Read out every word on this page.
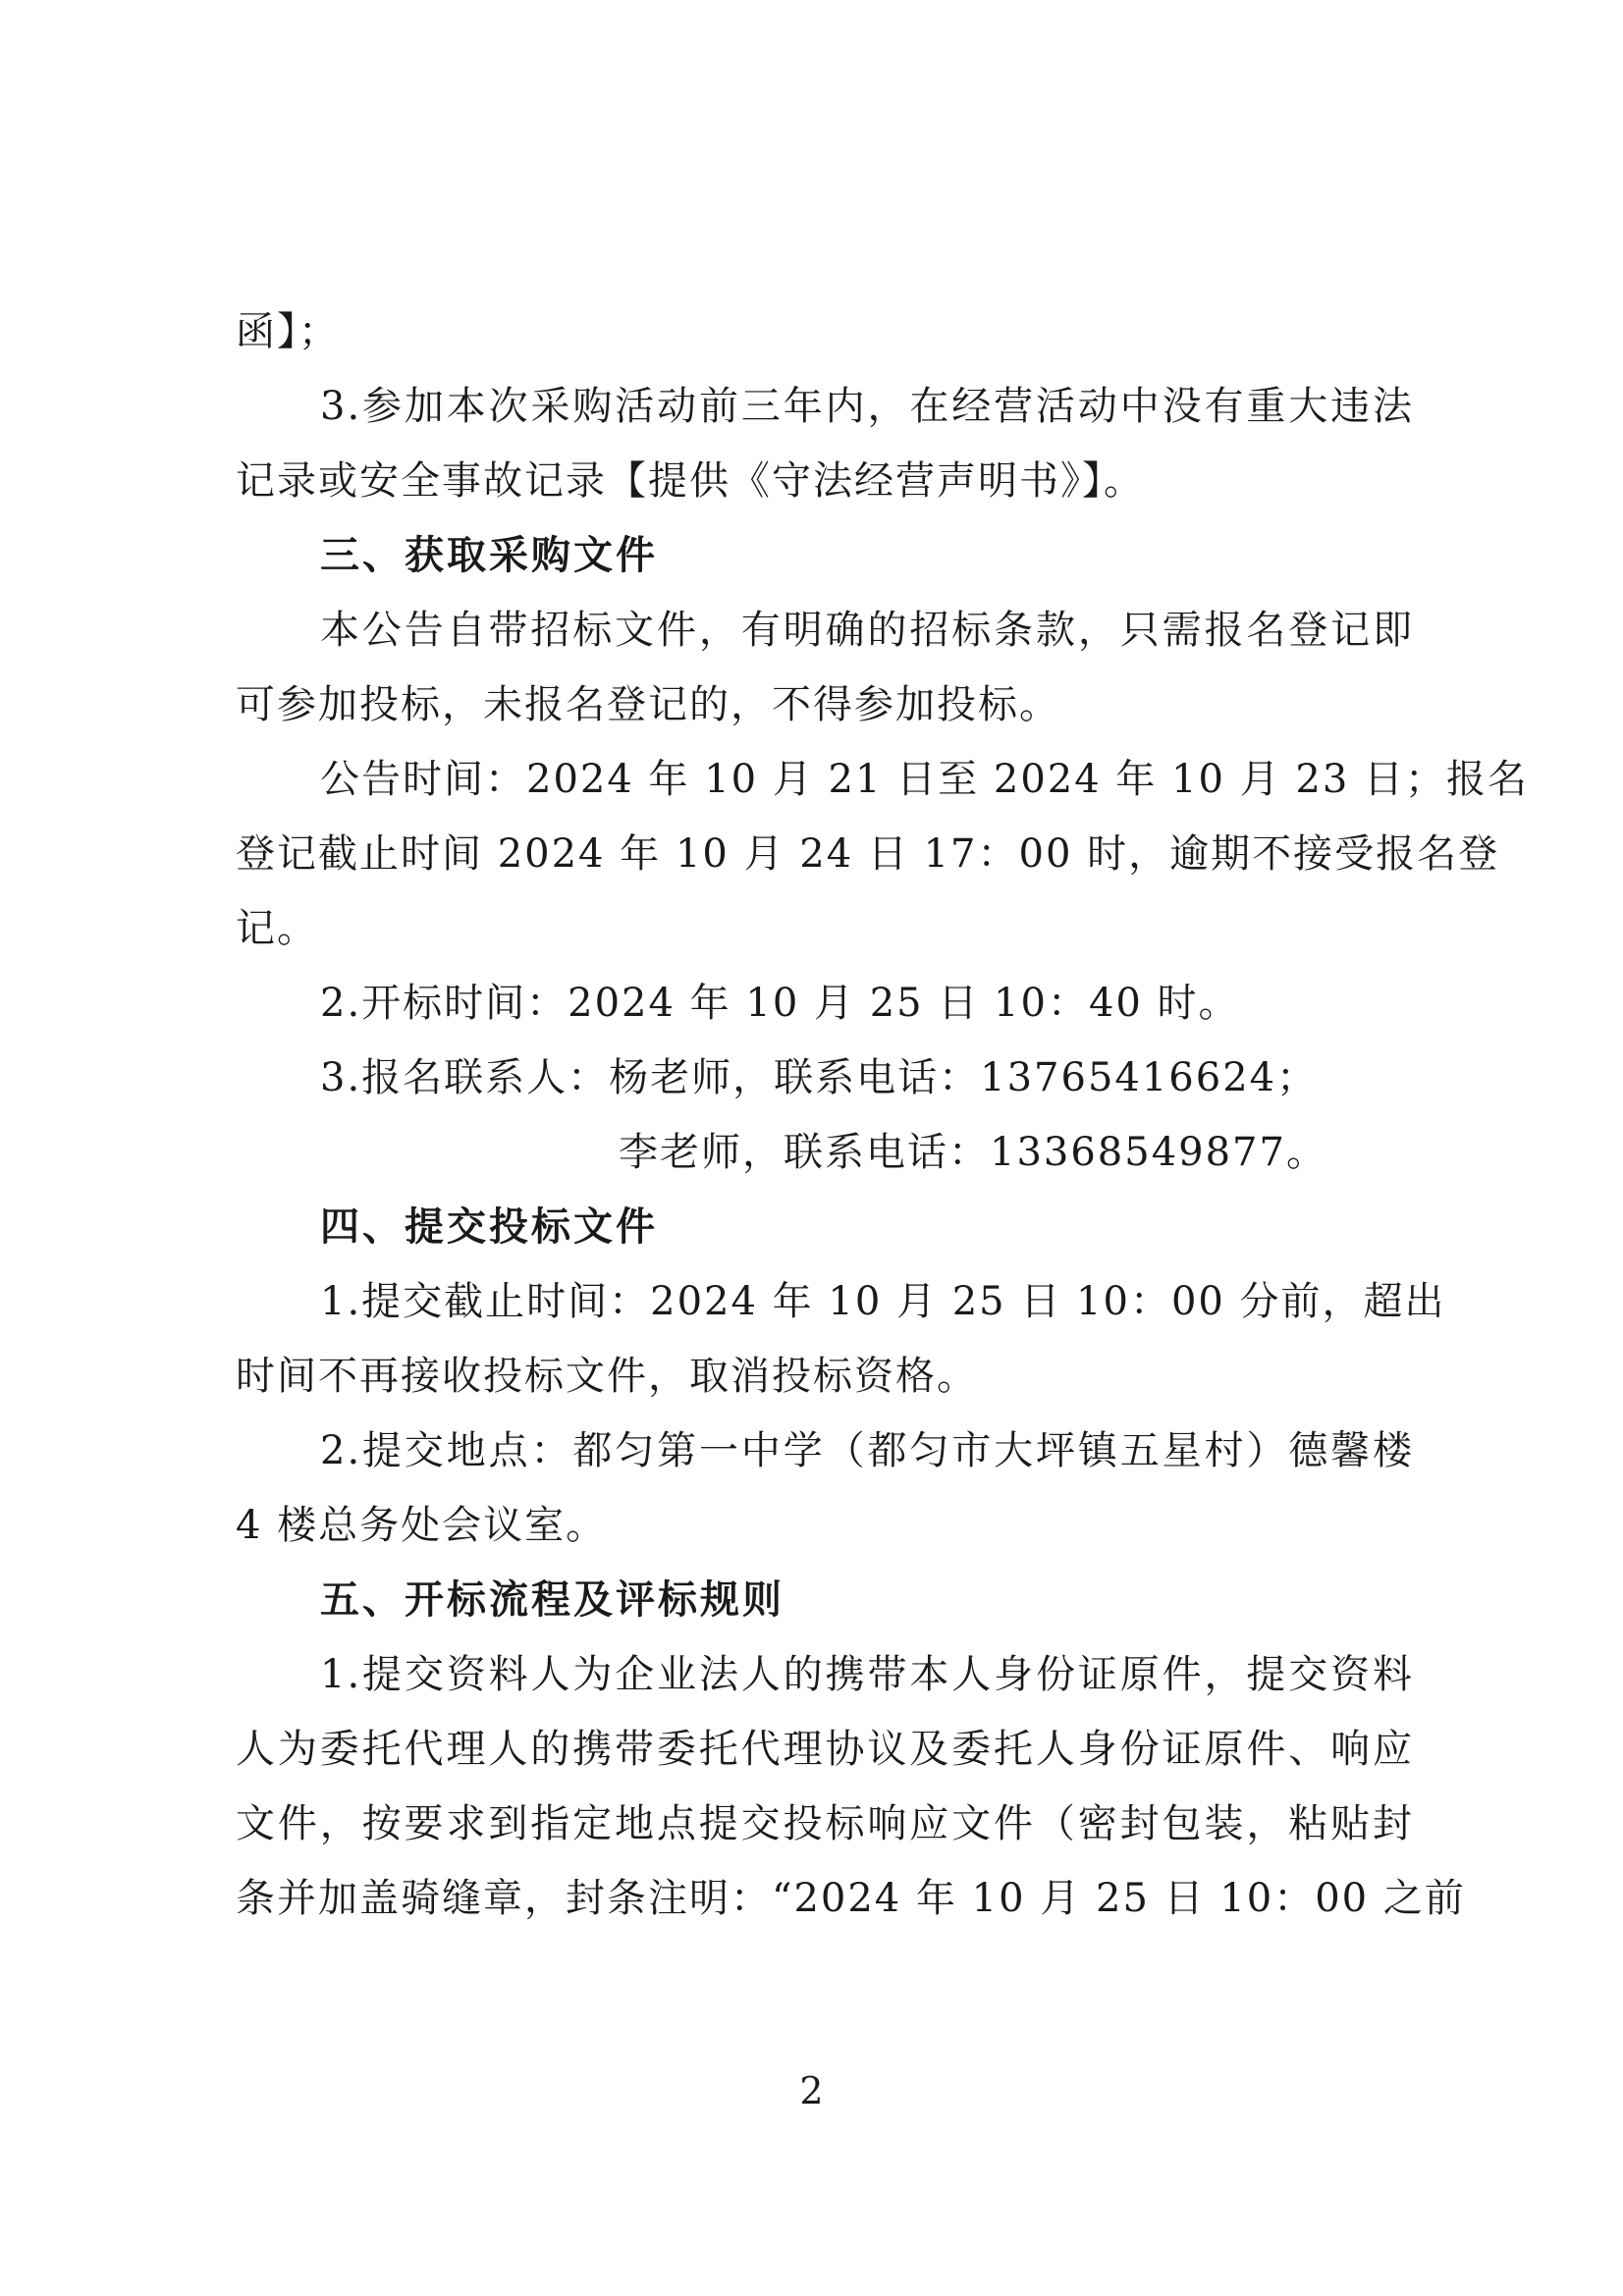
函】；
3.参加本次采购活动前三年内，在经营活动中没有重大违法
记录或安全事故记录【提供《守法经营声明书》】。
三、获取采购文件
本公告自带招标文件，有明确的招标条款，只需报名登记即
可参加投标，未报名登记的，不得参加投标。
公告时间：2024 年 10 月 21 日至 2024 年 10 月 23 日；报名
登记截止时间 2024 年 10 月 24 日 17：00 时，逾期不接受报名登
记。
2.开标时间：2024 年 10 月 25 日 10：40 时。
3.报名联系人：杨老师，联系电话：13765416624；
李老师，联系电话：13368549877。
四、提交投标文件
1.提交截止时间：2024 年 10 月 25 日 10：00 分前，超出
时间不再接收投标文件，取消投标资格。
2.提交地点：都匀第一中学（都匀市大坪镇五星村）德馨楼
4 楼总务处会议室。
五、开标流程及评标规则
1.提交资料人为企业法人的携带本人身份证原件，提交资料
人为委托代理人的携带委托代理协议及委托人身份证原件、响应
文件，按要求到指定地点提交投标响应文件（密封包装，粘贴封
条并加盖骑缝章，封条注明：“2024 年 10 月 25 日 10：00 之前
2
